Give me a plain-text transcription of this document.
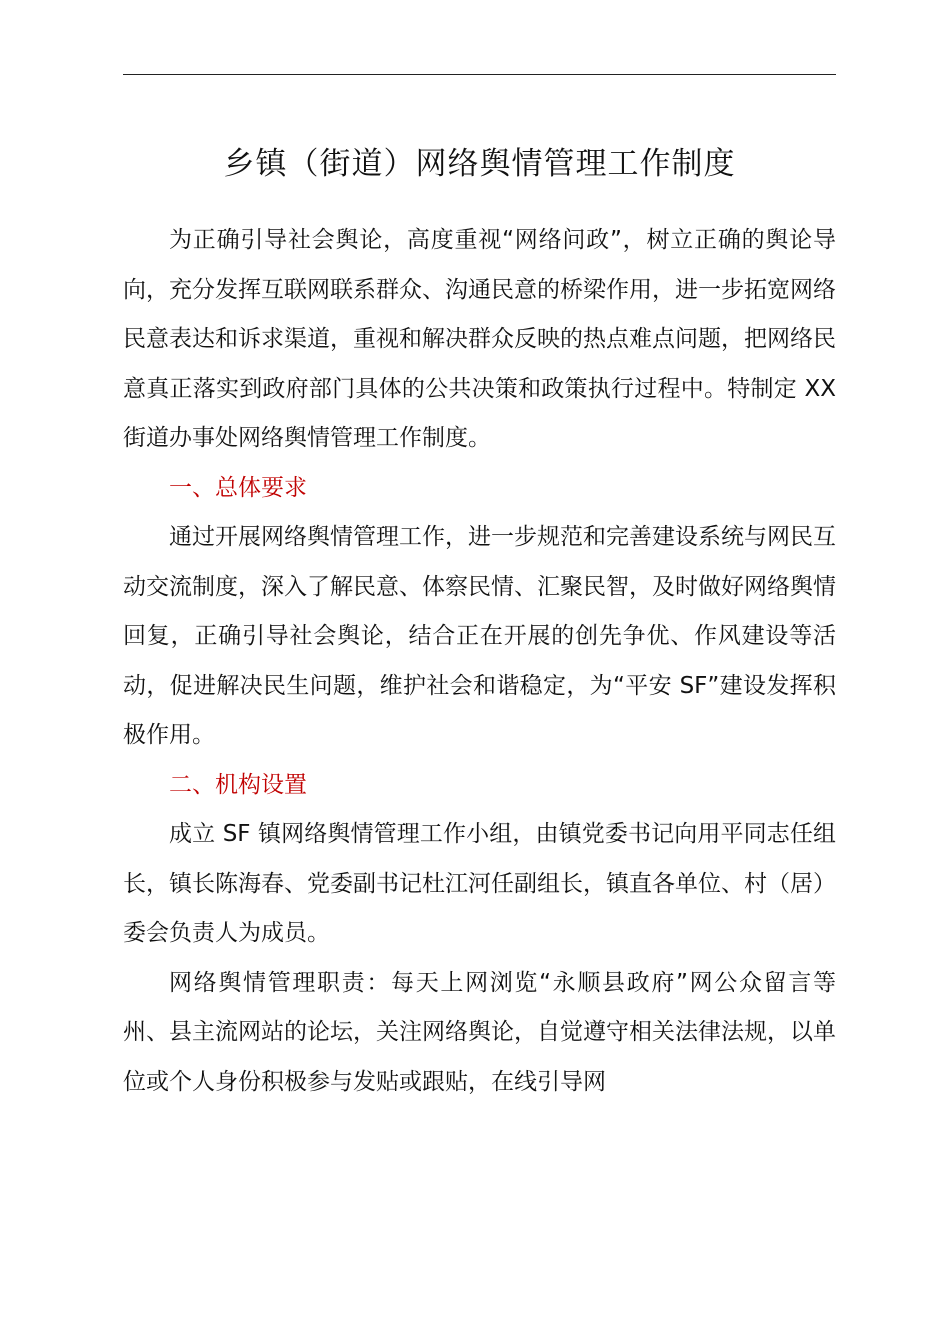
乡镇（街道）网络舆情管理工作制度

为正确引导社会舆论，高度重视“网络问政”，树立正确的舆论导向，充分发挥互联网联系群众、沟通民意的桥梁作用，进一步拓宽网络民意表达和诉求渠道，重视和解决群众反映的热点难点问题，把网络民意真正落实到政府部门具体的公共决策和政策执行过程中。特制定 XX 街道办事处网络舆情管理工作制度。

一、总体要求

通过开展网络舆情管理工作，进一步规范和完善建设系统与网民互动交流制度，深入了解民意、体察民情、汇聚民智，及时做好网络舆情回复，正确引导社会舆论，结合正在开展的创先争优、作风建设等活动，促进解决民生问题，维护社会和谐稳定，为“平安 SF”建设发挥积极作用。

二、机构设置

成立 SF 镇网络舆情管理工作小组，由镇党委书记向用平同志任组长，镇长陈海春、党委副书记杜江河任副组长，镇直各单位、村（居）委会负责人为成员。

网络舆情管理职责：每天上网浏览“永顺县政府”网公众留言等州、县主流网站的论坛，关注网络舆论，自觉遵守相关法律法规，以单位或个人身份积极参与发贴或跟贴，在线引导网
